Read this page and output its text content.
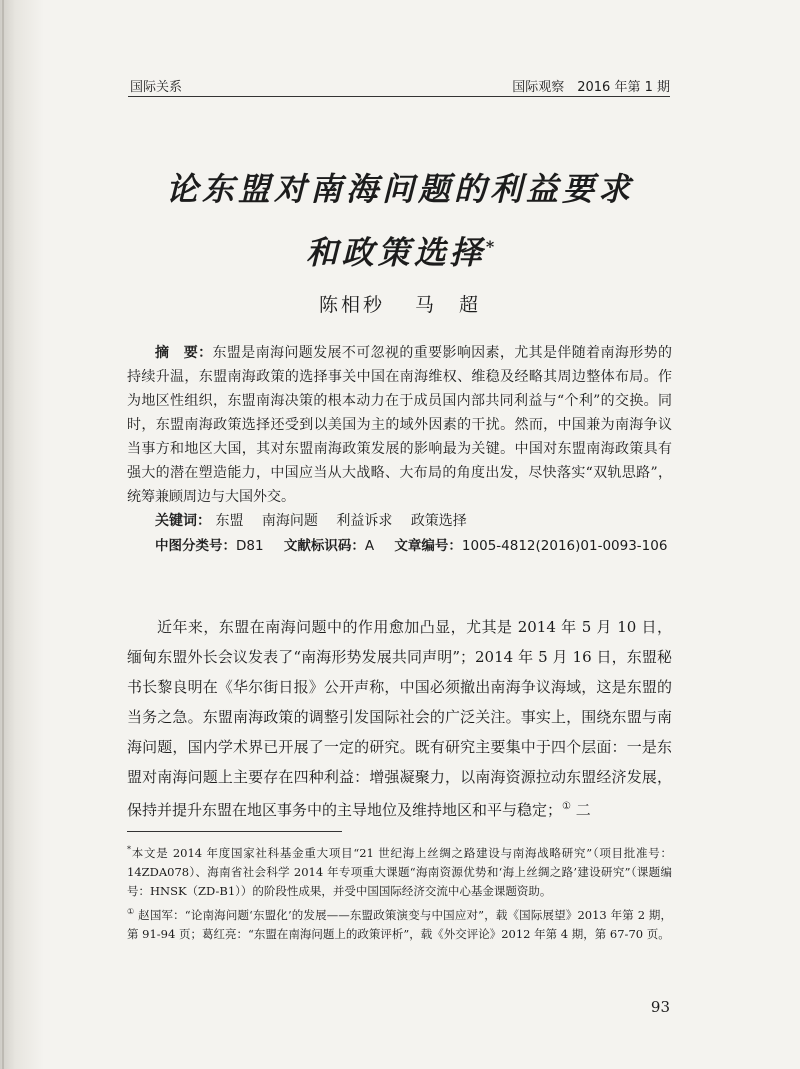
国际关系	国际观察　2016 年第 1 期
论东盟对南海问题的利益要求
和政策选择*
陈相秒 马　超
摘　要：东盟是南海问题发展不可忽视的重要影响因素，尤其是伴随着南海形势的持续升温，东盟南海政策的选择事关中国在南海维权、维稳及经略其周边整体布局。作为地区性组织，东盟南海决策的根本动力在于成员国内部共同利益与“个利”的交换。同时，东盟南海政策选择还受到以美国为主的域外因素的干扰。然而，中国兼为南海争议当事方和地区大国，其对东盟南海政策发展的影响最为关键。中国对东盟南海政策具有强大的潜在塑造能力，中国应当从大战略、大布局的角度出发，尽快落实“双轨思路”，统筹兼顾周边与大国外交。
关键词： 东盟 南海问题 利益诉求 政策选择
中图分类号：D81 文献标识码：A 文章编号：1005-4812(2016)01-0093-106
近年来，东盟在南海问题中的作用愈加凸显，尤其是 2014 年 5 月 10 日，缅甸东盟外长会议发表了“南海形势发展共同声明”；2014 年 5 月 16 日，东盟秘书长黎良明在《华尔街日报》公开声称，中国必须撤出南海争议海域，这是东盟的当务之急。东盟南海政策的调整引发国际社会的广泛关注。事实上，围绕东盟与南海问题，国内学术界已开展了一定的研究。既有研究主要集中于四个层面：一是东盟对南海问题上主要存在四种利益：增强凝聚力，以南海资源拉动东盟经济发展，保持并提升东盟在地区事务中的主导地位及维持地区和平与稳定；① 二

*本文是 2014 年度国家社科基金重大项目“21 世纪海上丝绸之路建设与南海战略研究”（项目批准号：14ZDA078）、海南省社会科学 2014 年专项重大课题“海南资源优势和‘海上丝绸之路’建设研究”（课题编号：HNSK（ZD-B1））的阶段性成果，并受中国国际经济交流中心基金课题资助。

① 赵国军：“论南海问题‘东盟化’的发展——东盟政策演变与中国应对”，载《国际展望》2013 年第 2 期，第 91-94 页；葛红亮：“东盟在南海问题上的政策评析”，载《外交评论》2012 年第 4 期，第 67-70 页。

93
